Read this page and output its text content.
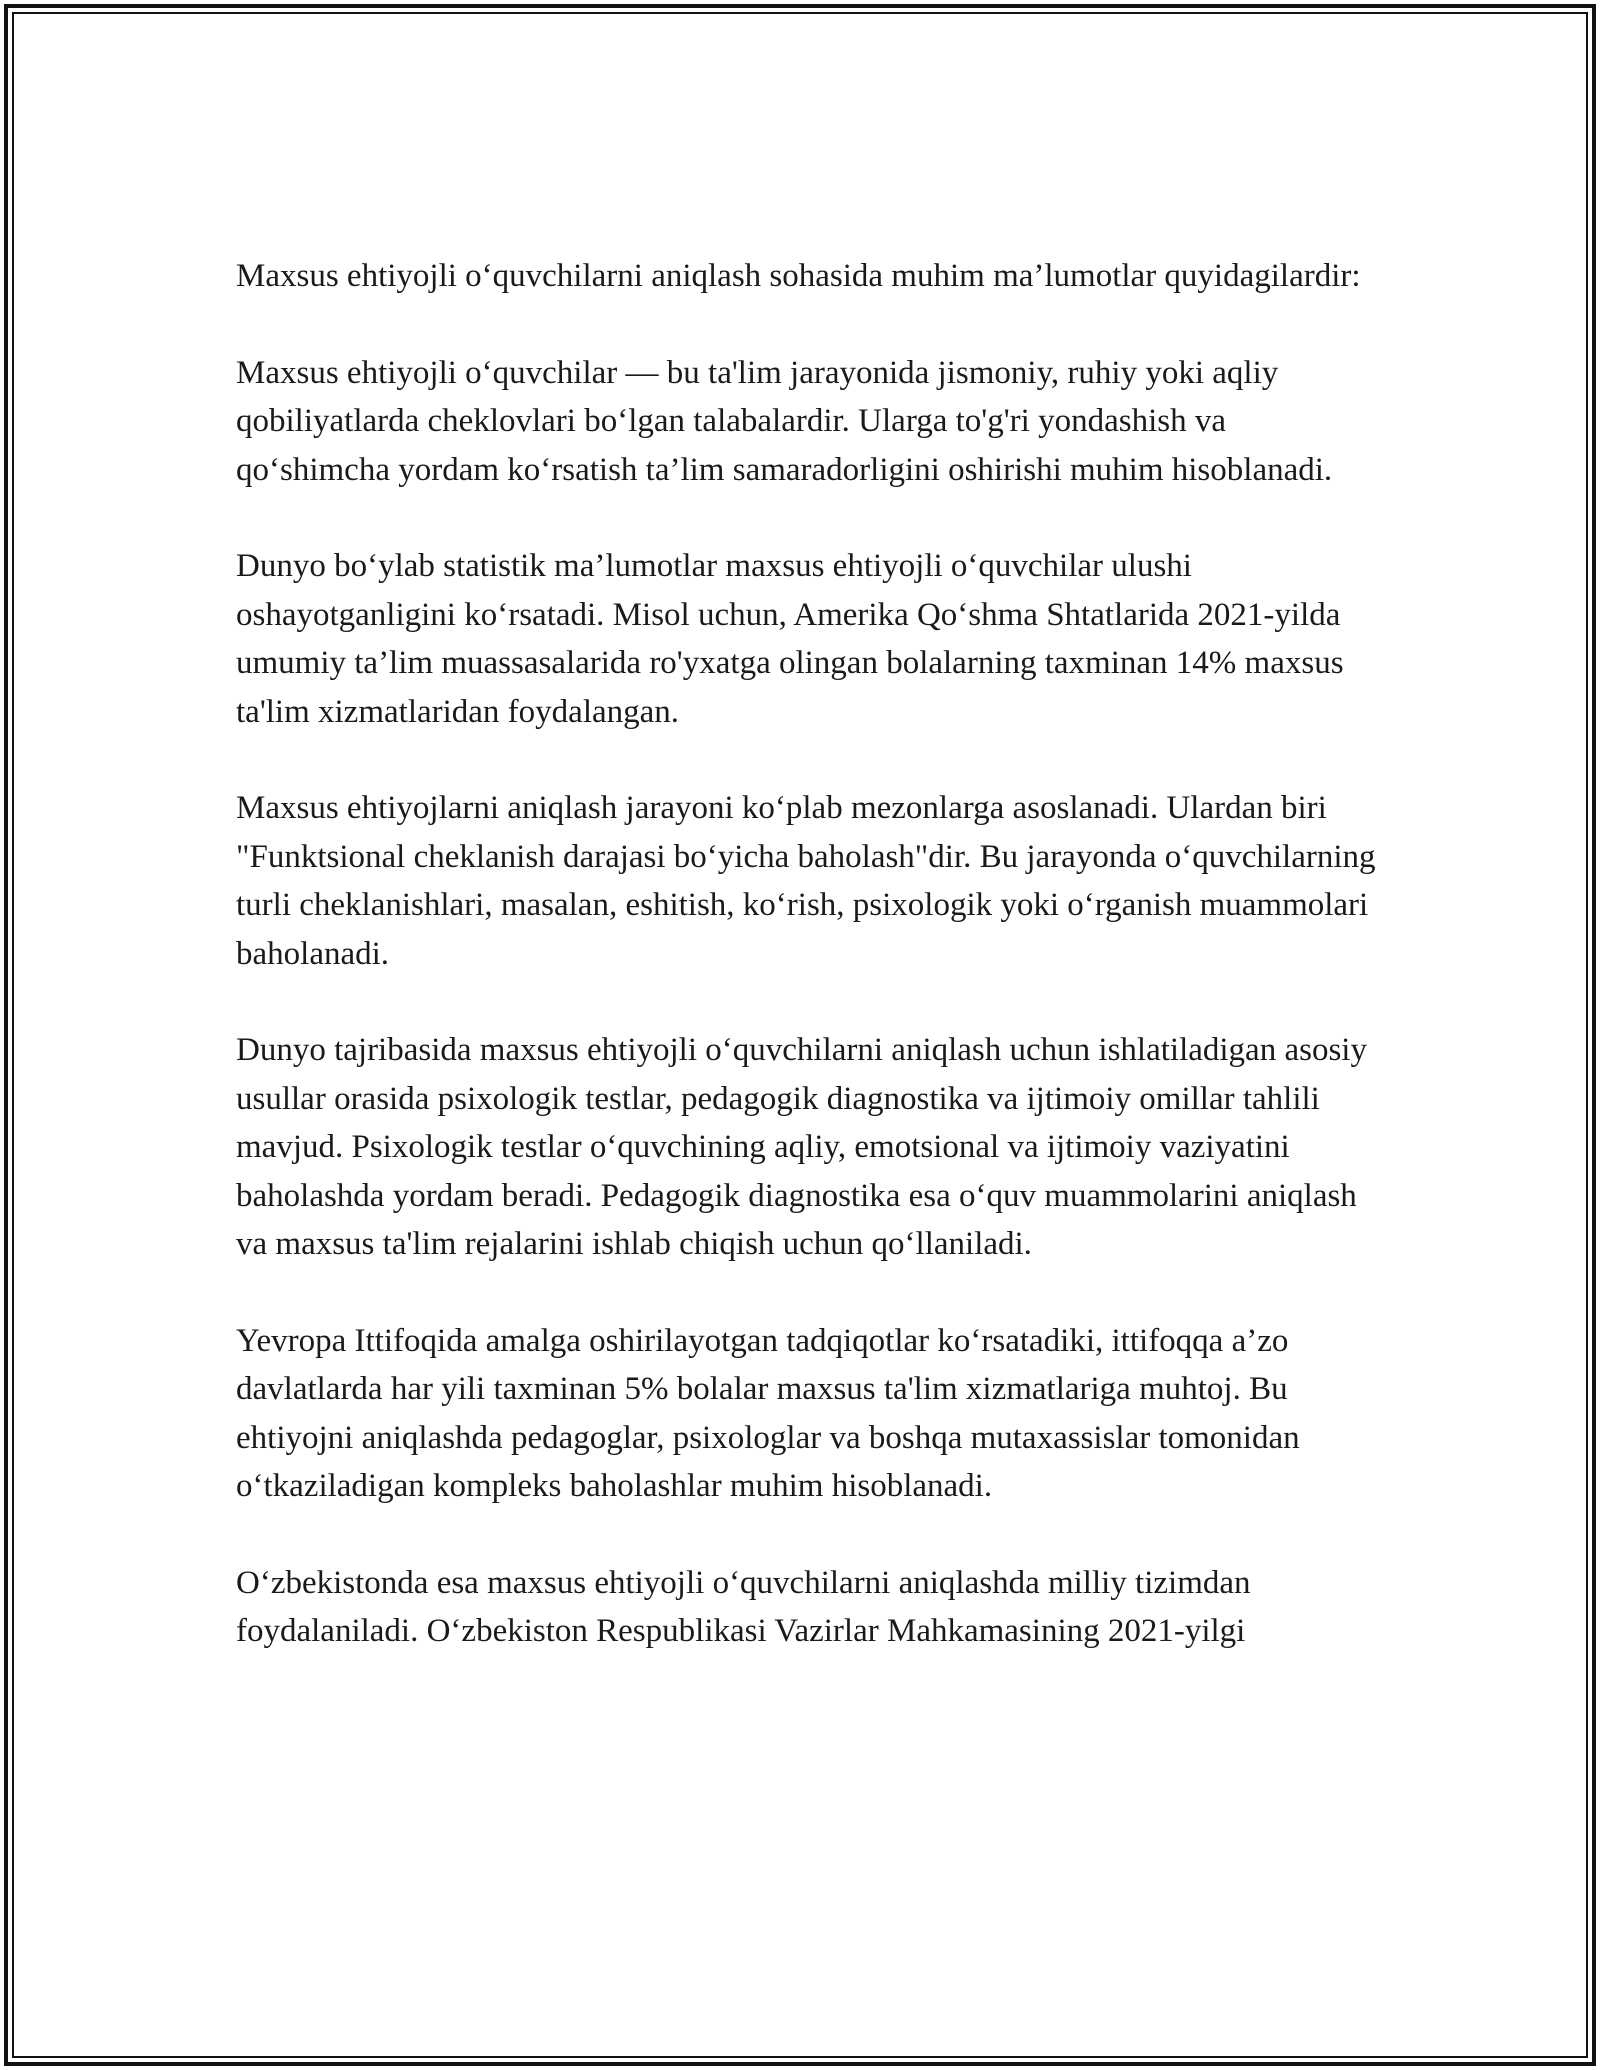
Maxsus ehtiyojli o‘quvchilarni aniqlash sohasida muhim ma’lumotlar quyidagilardir:

Maxsus ehtiyojli o‘quvchilar — bu ta'lim jarayonida jismoniy, ruhiy yoki aqliy qobiliyatlarda cheklovlari bo‘lgan talabalardir. Ularga to'g'ri yondashish va qo‘shimcha yordam ko‘rsatish ta’lim samaradorligini oshirishi muhim hisoblanadi.

Dunyo bo‘ylab statistik ma’lumotlar maxsus ehtiyojli o‘quvchilar ulushi oshayotganligini ko‘rsatadi. Misol uchun, Amerika Qo‘shma Shtatlarida 2021-yilda umumiy ta’lim muassasalarida ro'yxatga olingan bolalarning taxminan 14% maxsus ta'lim xizmatlaridan foydalangan.

Maxsus ehtiyojlarni aniqlash jarayoni ko‘plab mezonlarga asoslanadi. Ulardan biri "Funktsional cheklanish darajasi bo‘yicha baholash"dir. Bu jarayonda o‘quvchilarning turli cheklanishlari, masalan, eshitish, ko‘rish, psixologik yoki o‘rganish muammolari baholanadi.

Dunyo tajribasida maxsus ehtiyojli o‘quvchilarni aniqlash uchun ishlatiladigan asosiy usullar orasida psixologik testlar, pedagogik diagnostika va ijtimoiy omillar tahlili mavjud. Psixologik testlar o‘quvchining aqliy, emotsional va ijtimoiy vaziyatini baholashda yordam beradi. Pedagogik diagnostika esa o‘quv muammolarini aniqlash va maxsus ta'lim rejalarini ishlab chiqish uchun qo‘llaniladi.

Yevropa Ittifoqida amalga oshirilayotgan tadqiqotlar ko‘rsatadiki, ittifoqqa a’zo davlatlarda har yili taxminan 5% bolalar maxsus ta'lim xizmatlariga muhtoj. Bu ehtiyojni aniqlashda pedagoglar, psixologlar va boshqa mutaxassislar tomonidan o‘tkaziladigan kompleks baholashlar muhim hisoblanadi.

O‘zbekistonda esa maxsus ehtiyojli o‘quvchilarni aniqlashda milliy tizimdan foydalaniladi. O‘zbekiston Respublikasi Vazirlar Mahkamasining 2021-yilgi
